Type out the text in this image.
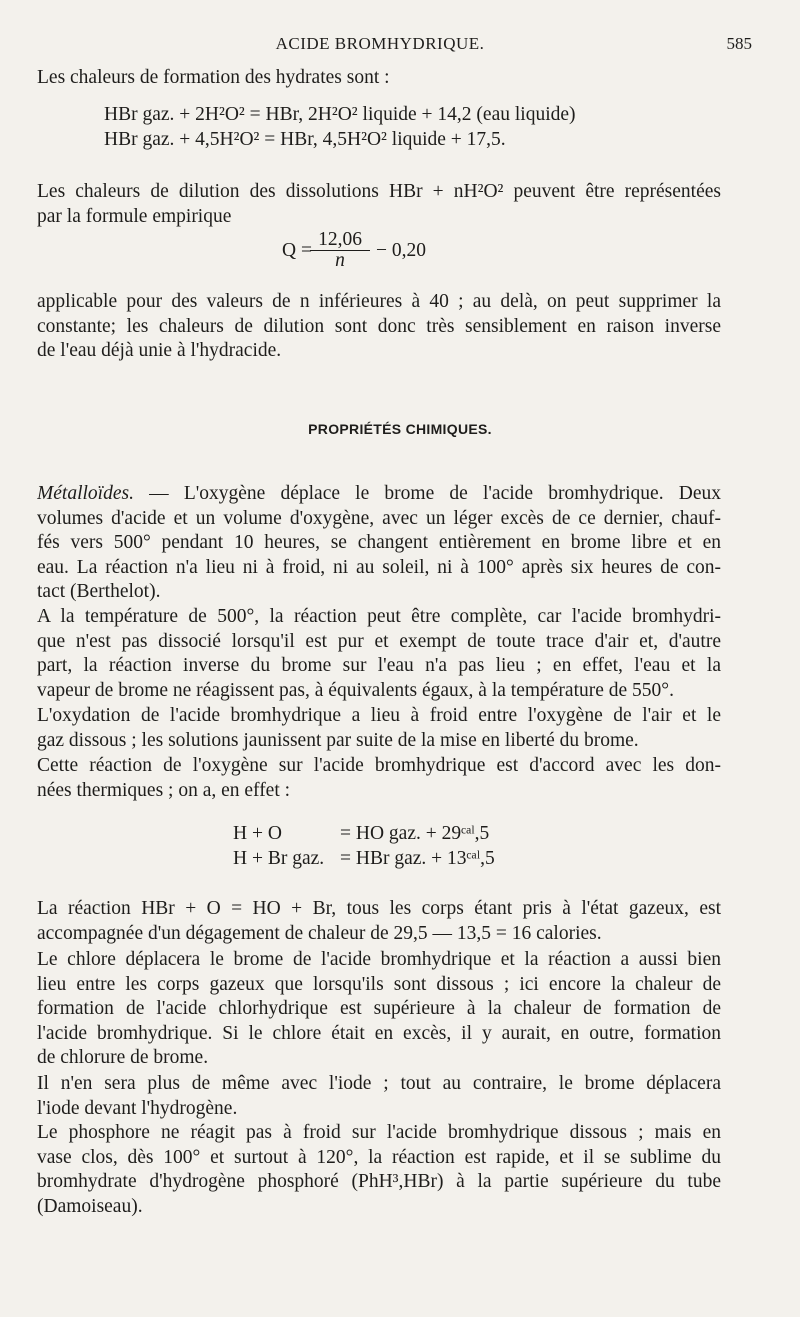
ACIDE BROMHYDRIQUE.	585
Les chaleurs de formation des hydrates sont :
HBr gaz. + 2H²O² = HBr, 2H²O² liquide + 14,2 (eau liquide)
HBr gaz. + 4,5H²O² = HBr, 4,5H²O² liquide + 17,5.
Les chaleurs de dilution des dissolutions HBr + nH²O² peuvent être représentées
par la formule empirique
Q =
$\frac{12,06}{n} - 0,20$
applicable pour des valeurs de n inférieures à 40 ; au delà, on peut supprimer la
constante; les chaleurs de dilution sont donc très sensiblement en raison inverse
de l'eau déjà unie à l'hydracide.
PROPRIÉTÉS CHIMIQUES.
Métalloïdes. — L'oxygène déplace le brome de l'acide bromhydrique. Deux
volumes d'acide et un volume d'oxygène, avec un léger excès de ce dernier, chauf-
fés vers 500° pendant 10 heures, se changent entièrement en brome libre et en
eau. La réaction n'a lieu ni à froid, ni au soleil, ni à 100° après six heures de con-
tact (Berthelot).
A la température de 500°, la réaction peut être complète, car l'acide bromhydri-
que n'est pas dissocié lorsqu'il est pur et exempt de toute trace d'air et, d'autre
part, la réaction inverse du brome sur l'eau n'a pas lieu ; en effet, l'eau et la
vapeur de brome ne réagissent pas, à équivalents égaux, à la température de 550°.
L'oxydation de l'acide bromhydrique a lieu à froid entre l'oxygène de l'air et le
gaz dissous ; les solutions jaunissent par suite de la mise en liberté du brome.
Cette réaction de l'oxygène sur l'acide bromhydrique est d'accord avec les don-
nées thermiques ; on a, en effet :
H + O	= HO gaz. + 29ᶜᵃˡ,5
H + Br gaz. = HBr gaz. + 13ᶜᵃˡ,5
La réaction HBr + O = HO + Br, tous les corps étant pris à l'état gazeux, est
accompagnée d'un dégagement de chaleur de 29,5 — 13,5 = 16 calories.
Le chlore déplacera le brome de l'acide bromhydrique et la réaction a aussi bien
lieu entre les corps gazeux que lorsqu'ils sont dissous ; ici encore la chaleur de
formation de l'acide chlorhydrique est supérieure à la chaleur de formation de
l'acide bromhydrique. Si le chlore était en excès, il y aurait, en outre, formation
de chlorure de brome.
Il n'en sera plus de même avec l'iode ; tout au contraire, le brome déplacera
l'iode devant l'hydrogène.
Le phosphore ne réagit pas à froid sur l'acide bromhydrique dissous ; mais en
vase clos, dès 100° et surtout à 120°, la réaction est rapide, et il se sublime du
bromhydrate d'hydrogène phosphoré (PhH³,HBr) à la partie supérieure du tube
(Damoiseau).
